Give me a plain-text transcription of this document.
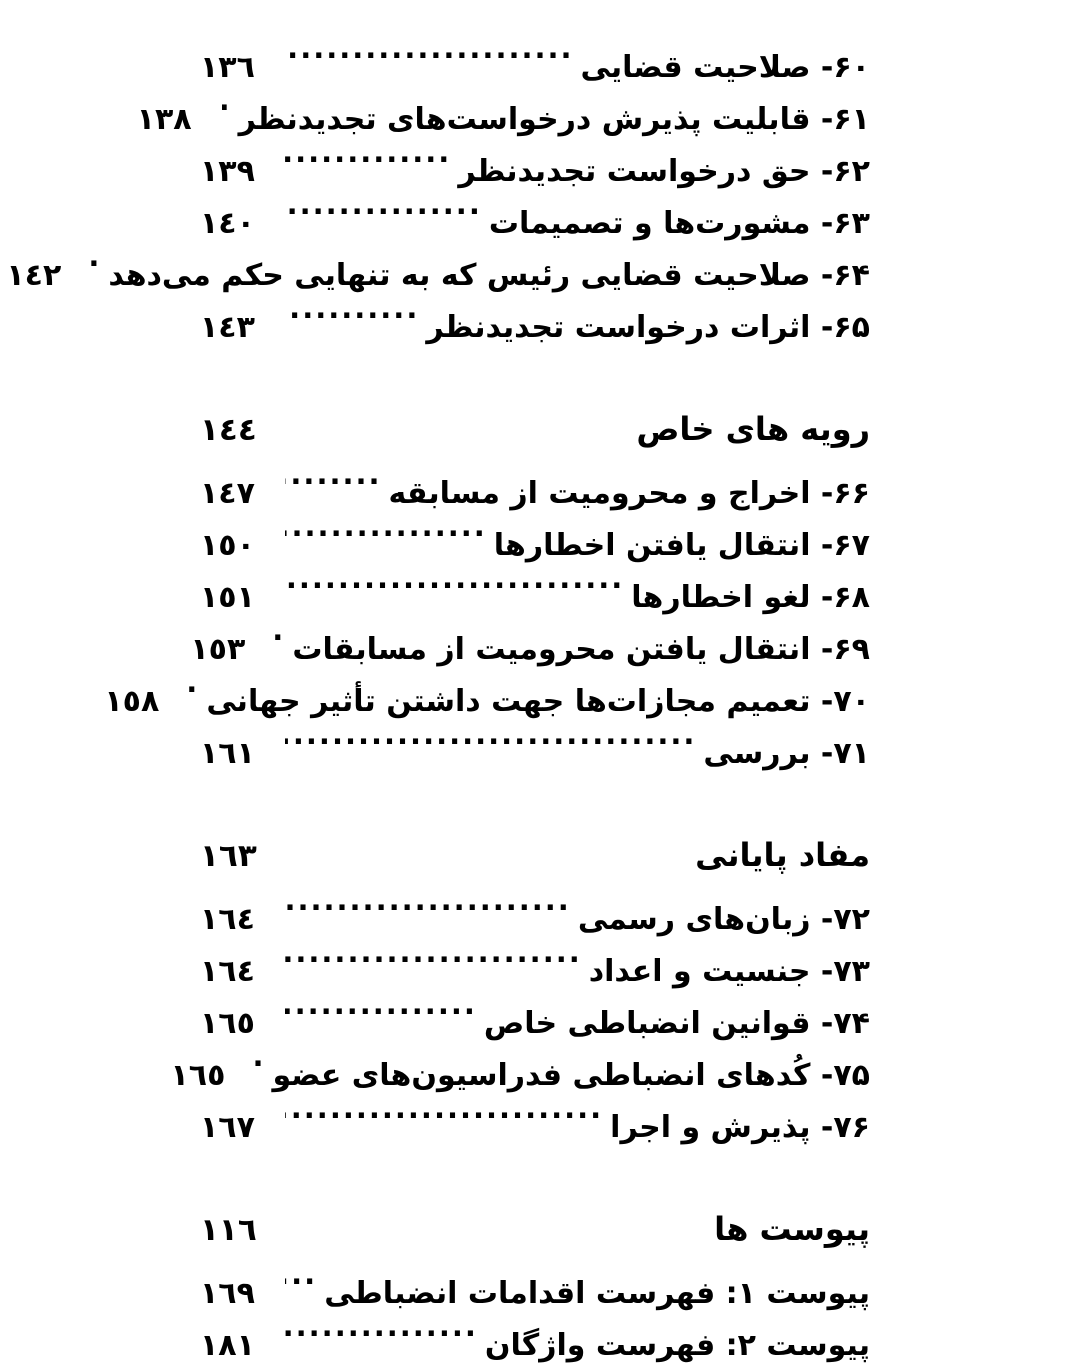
۶۰- صلاحیت قضایی
.....
١٣٦
۶۱- قابلیت پذیرش درخواست‌های تجدیدنظر
.....
١٣٨
۶۲- حق درخواست تجدیدنظر
.....
١٣٩
۶۳- مشورت‌ها و تصمیمات
.....
١٤٠
۶۴- صلاحیت قضایی رئیس که به تنهایی حکم می‌دهد
.....
١٤٢
۶۵- اثرات درخواست تجدیدنظر
.....
١٤٣
رویه های خاص
١٤٤
۶۶- اخراج و محرومیت از مسابقه
.....
١٤٧
۶۷- انتقال یافتن اخطارها
.....
١٥٠
۶۸- لغو اخطارها
.....
١٥١
۶۹- انتقال یافتن محرومیت از مسابقات
.....
١٥٣
۷۰- تعمیم مجازات‌ها جهت داشتن تأثیر جهانی
.....
١٥٨
۷۱- بررسی
.....
١٦١
مفاد پایانی
١٦٣
۷۲- زبان‌های رسمی
.....
١٦٤
۷۳- جنسیت و اعداد
.....
١٦٤
۷۴- قوانین انضباطی خاص
.....
١٦٥
۷۵- کُدهای انضباطی فدراسیون‌های عضو
.....
١٦٥
۷۶- پذیرش و اجرا
.....
١٦٧
پیوست ها
١١٦
پیوست ١: فهرست اقدامات انضباطی
.....
١٦٩
پیوست ٢: فهرست واژگان
.....
١٨١
